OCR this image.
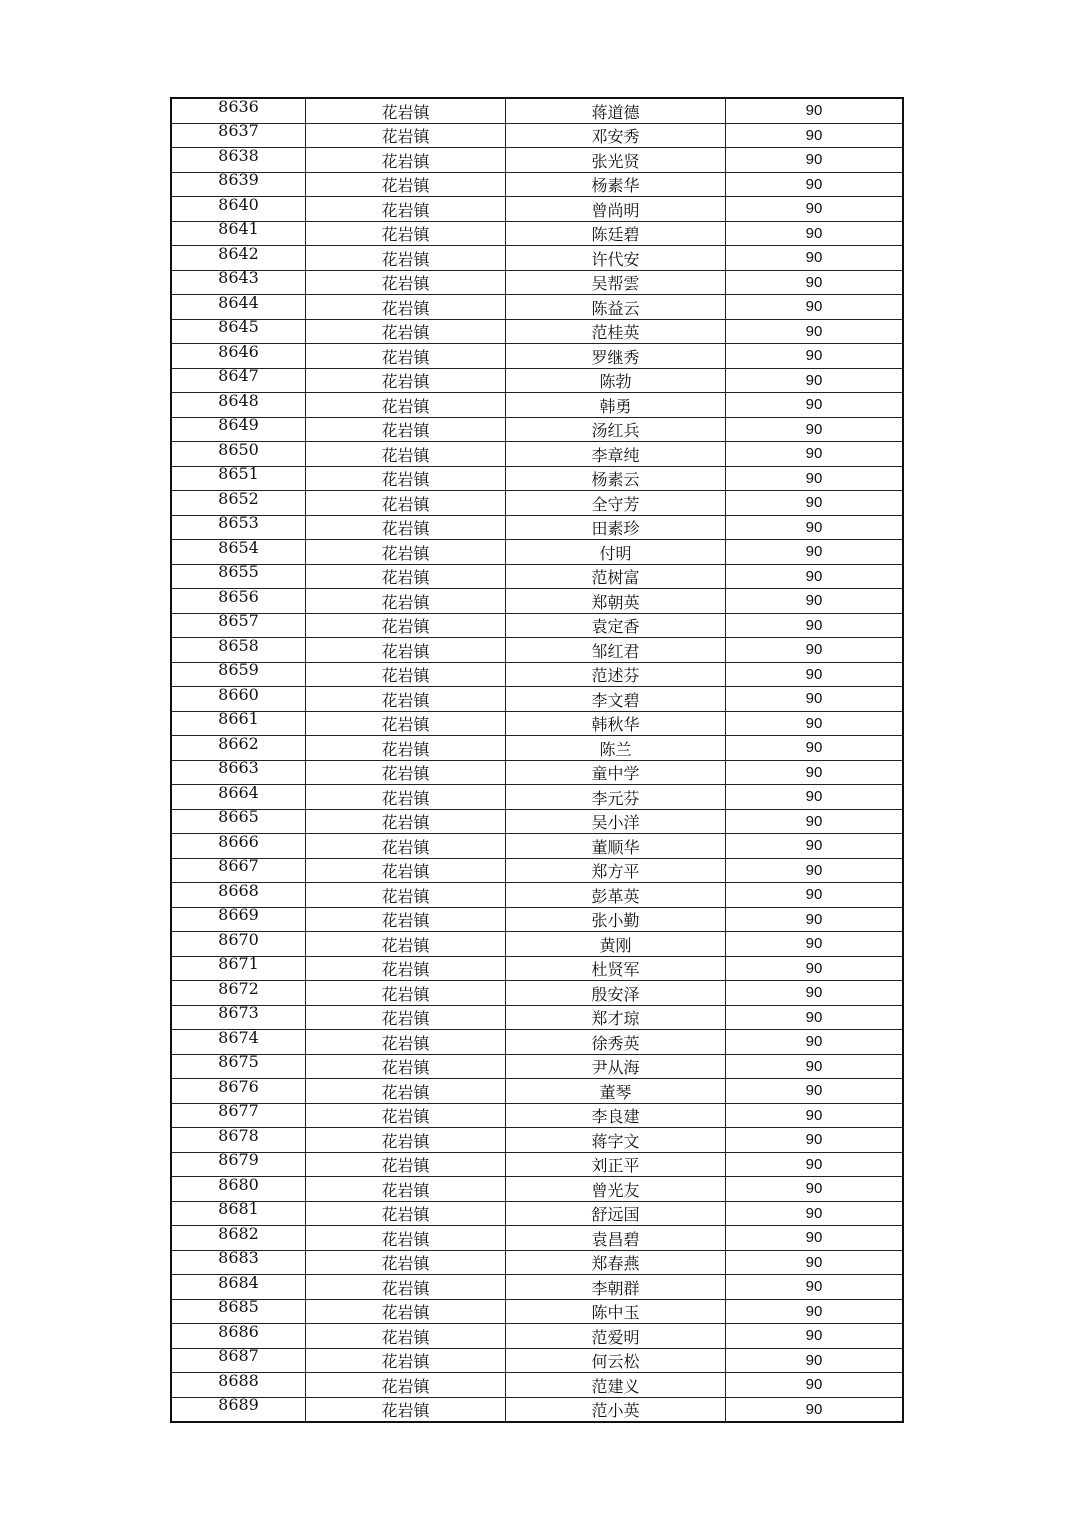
8636	花岩镇	蒋道德	90
8637	花岩镇	邓安秀	90
8638	花岩镇	张光贤	90
8639	花岩镇	杨素华	90
8640	花岩镇	曾尚明	90
8641	花岩镇	陈廷碧	90
8642	花岩镇	许代安	90
8643	花岩镇	吴帮雲	90
8644	花岩镇	陈益云	90
8645	花岩镇	范桂英	90
8646	花岩镇	罗继秀	90
8647	花岩镇	陈勃	90
8648	花岩镇	韩勇	90
8649	花岩镇	汤红兵	90
8650	花岩镇	李章纯	90
8651	花岩镇	杨素云	90
8652	花岩镇	全守芳	90
8653	花岩镇	田素珍	90
8654	花岩镇	付明	90
8655	花岩镇	范树富	90
8656	花岩镇	郑朝英	90
8657	花岩镇	袁定香	90
8658	花岩镇	邹红君	90
8659	花岩镇	范述芬	90
8660	花岩镇	李文碧	90
8661	花岩镇	韩秋华	90
8662	花岩镇	陈兰	90
8663	花岩镇	童中学	90
8664	花岩镇	李元芬	90
8665	花岩镇	吴小洋	90
8666	花岩镇	董顺华	90
8667	花岩镇	郑方平	90
8668	花岩镇	彭革英	90
8669	花岩镇	张小勤	90
8670	花岩镇	黄刚	90
8671	花岩镇	杜贤军	90
8672	花岩镇	殷安泽	90
8673	花岩镇	郑才琼	90
8674	花岩镇	徐秀英	90
8675	花岩镇	尹从海	90
8676	花岩镇	董琴	90
8677	花岩镇	李良建	90
8678	花岩镇	蒋字文	90
8679	花岩镇	刘正平	90
8680	花岩镇	曾光友	90
8681	花岩镇	舒远国	90
8682	花岩镇	袁昌碧	90
8683	花岩镇	郑春燕	90
8684	花岩镇	李朝群	90
8685	花岩镇	陈中玉	90
8686	花岩镇	范爱明	90
8687	花岩镇	何云松	90
8688	花岩镇	范建义	90
8689	花岩镇	范小英	90
